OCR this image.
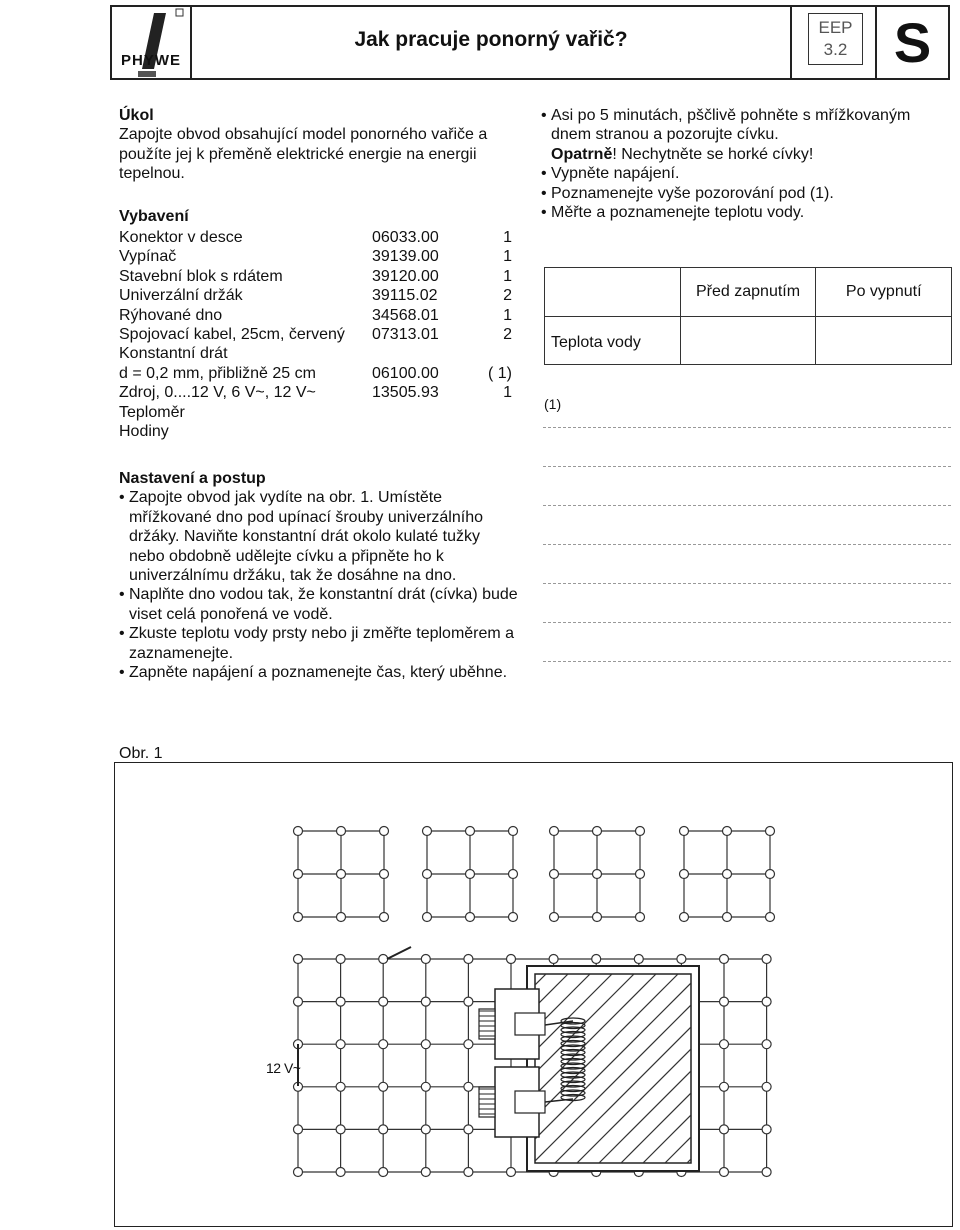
PHYWE
Jak pracuje ponorný vařič?
EEP
3.2 S
Úkol
Zapojte obvod obsahující model ponorného vařiče a použíte jej k přeměně elektrické energie na energii tepelnou.
Vybavení
Konektor v desce	06033.00	1
Vypínač	39139.00	1
Stavební blok s rdátem	39120.00	1
Univerzální držák	39115.02	2
Rýhované dno	34568.01	1
Spojovací kabel, 25cm, červený 07313.01	2
Konstantní drát
d = 0,2 mm, přibližně 25 cm	06100.00	( 1)
Zdroj, 0....12 V, 6 V~, 12 V~	13505.93	1
Teploměr
Hodiny
Nastavení a postup
• Zapojte obvod jak vydíte na obr. 1. Umístěte mřížkované dno pod upínací šrouby univerzálního držáky. Naviňte konstantní drát okolo kulaté tužky nebo obdobně udělejte cívku a připněte ho k univerzálnímu držáku, tak že dosáhne na dno.
• Naplňte dno vodou tak, že konstantní drát (cívka) bude viset celá ponořená ve vodě.
• Zkuste teplotu vody prsty nebo ji změřte teploměrem a zaznamenejte.
• Zapněte napájení a poznamenejte čas, který uběhne.
• Asi po 5 minutách, pščlivě pohněte s mřížkovaným dnem stranou a pozorujte cívku.
Opatrně! Nechytněte se horké cívky!
• Vypněte napájení.
• Poznamenejte vyše pozorování pod (1).
• Měřte a poznamenejte teplotu vody.
	Před zapnutím	Po vypnutí
Teplota vody		
(1)
Obr. 1
12 V~
